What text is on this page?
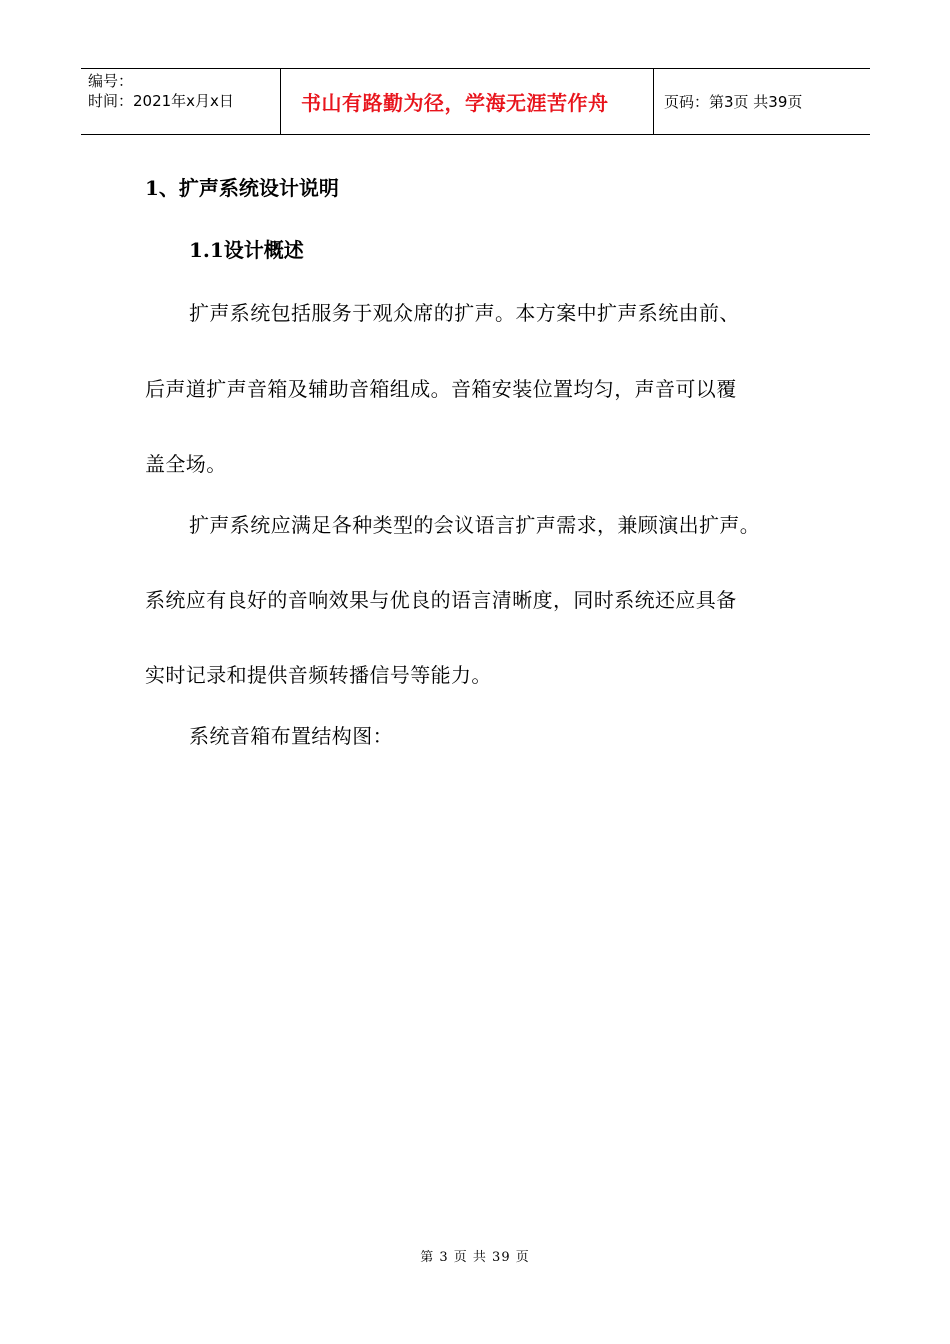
编号：
时间：2021年x月x日	书山有路勤为径，学海无涯苦作舟	页码：第3页 共39页
1、扩声系统设计说明
1.1设计概述
扩声系统包括服务于观众席的扩声。本方案中扩声系统由前、
后声道扩声音箱及辅助音箱组成。音箱安装位置均匀，声音可以覆
盖全场。
扩声系统应满足各种类型的会议语言扩声需求，兼顾演出扩声。
系统应有良好的音响效果与优良的语言清晰度，同时系统还应具备
实时记录和提供音频转播信号等能力。
系统音箱布置结构图：
第 3 页 共 39 页
